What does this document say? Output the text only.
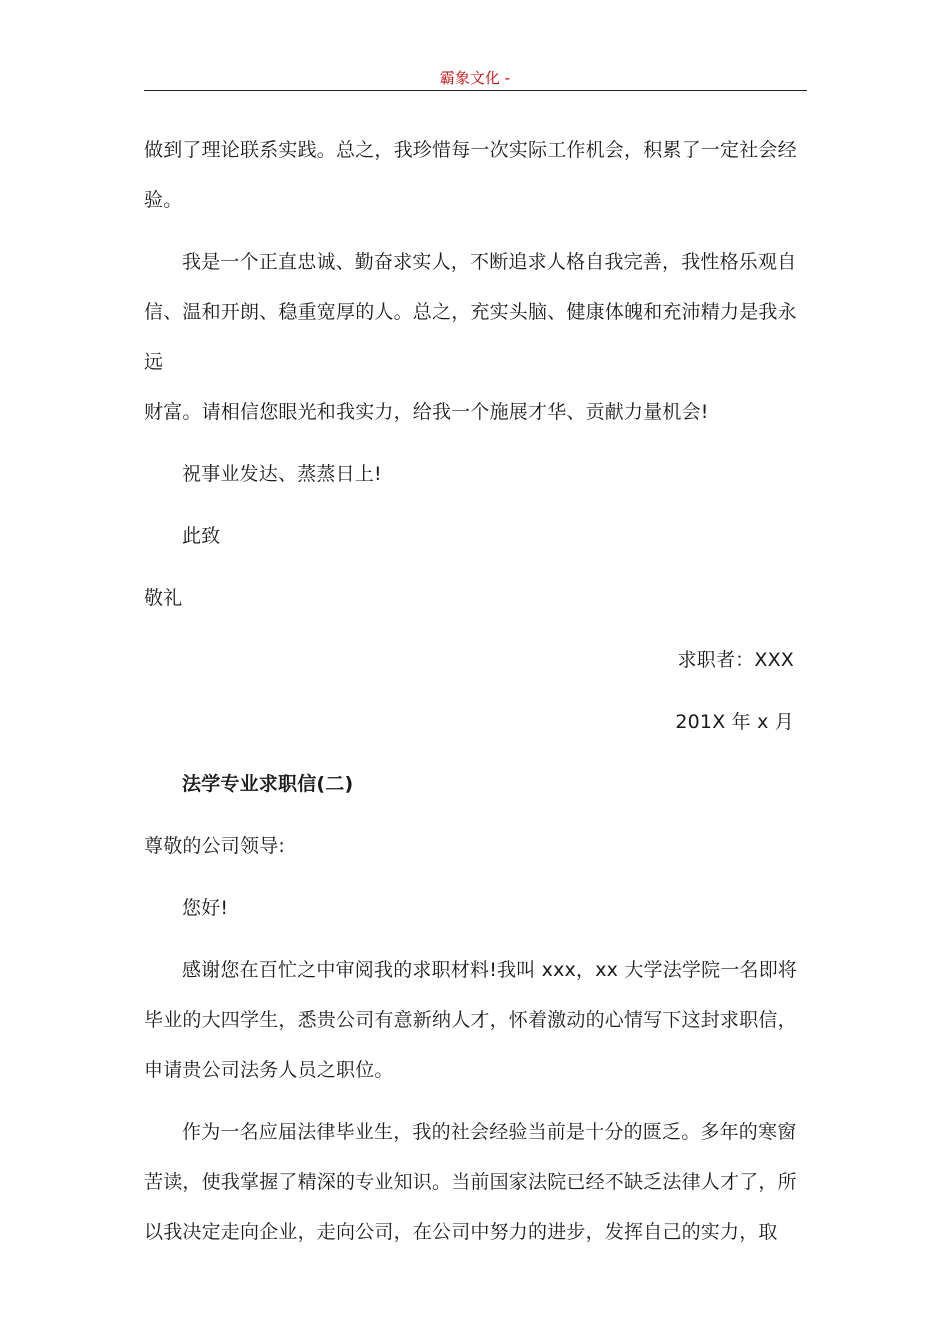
霸象文化 -

做到了理论联系实践。总之，我珍惜每一次实际工作机会，积累了一定社会经
验。

我是一个正直忠诚、勤奋求实人，不断追求人格自我完善，我性格乐观自
信、温和开朗、稳重宽厚的人。总之，充实头脑、健康体魄和充沛精力是我永远
财富。请相信您眼光和我实力，给我一个施展才华、贡献力量机会!

祝事业发达、蒸蒸日上!

此致

敬礼

求职者：XXX

201X 年 x 月

法学专业求职信(二)

尊敬的公司领导:

您好!

感谢您在百忙之中审阅我的求职材料!我叫 xxx，xx 大学法学院一名即将
毕业的大四学生，悉贵公司有意新纳人才，怀着激动的心情写下这封求职信，
申请贵公司法务人员之职位。

作为一名应届法律毕业生，我的社会经验当前是十分的匮乏。多年的寒窗
苦读，使我掌握了精深的专业知识。当前国家法院已经不缺乏法律人才了，所
以我决定走向企业，走向公司，在公司中努力的进步，发挥自己的实力，取
